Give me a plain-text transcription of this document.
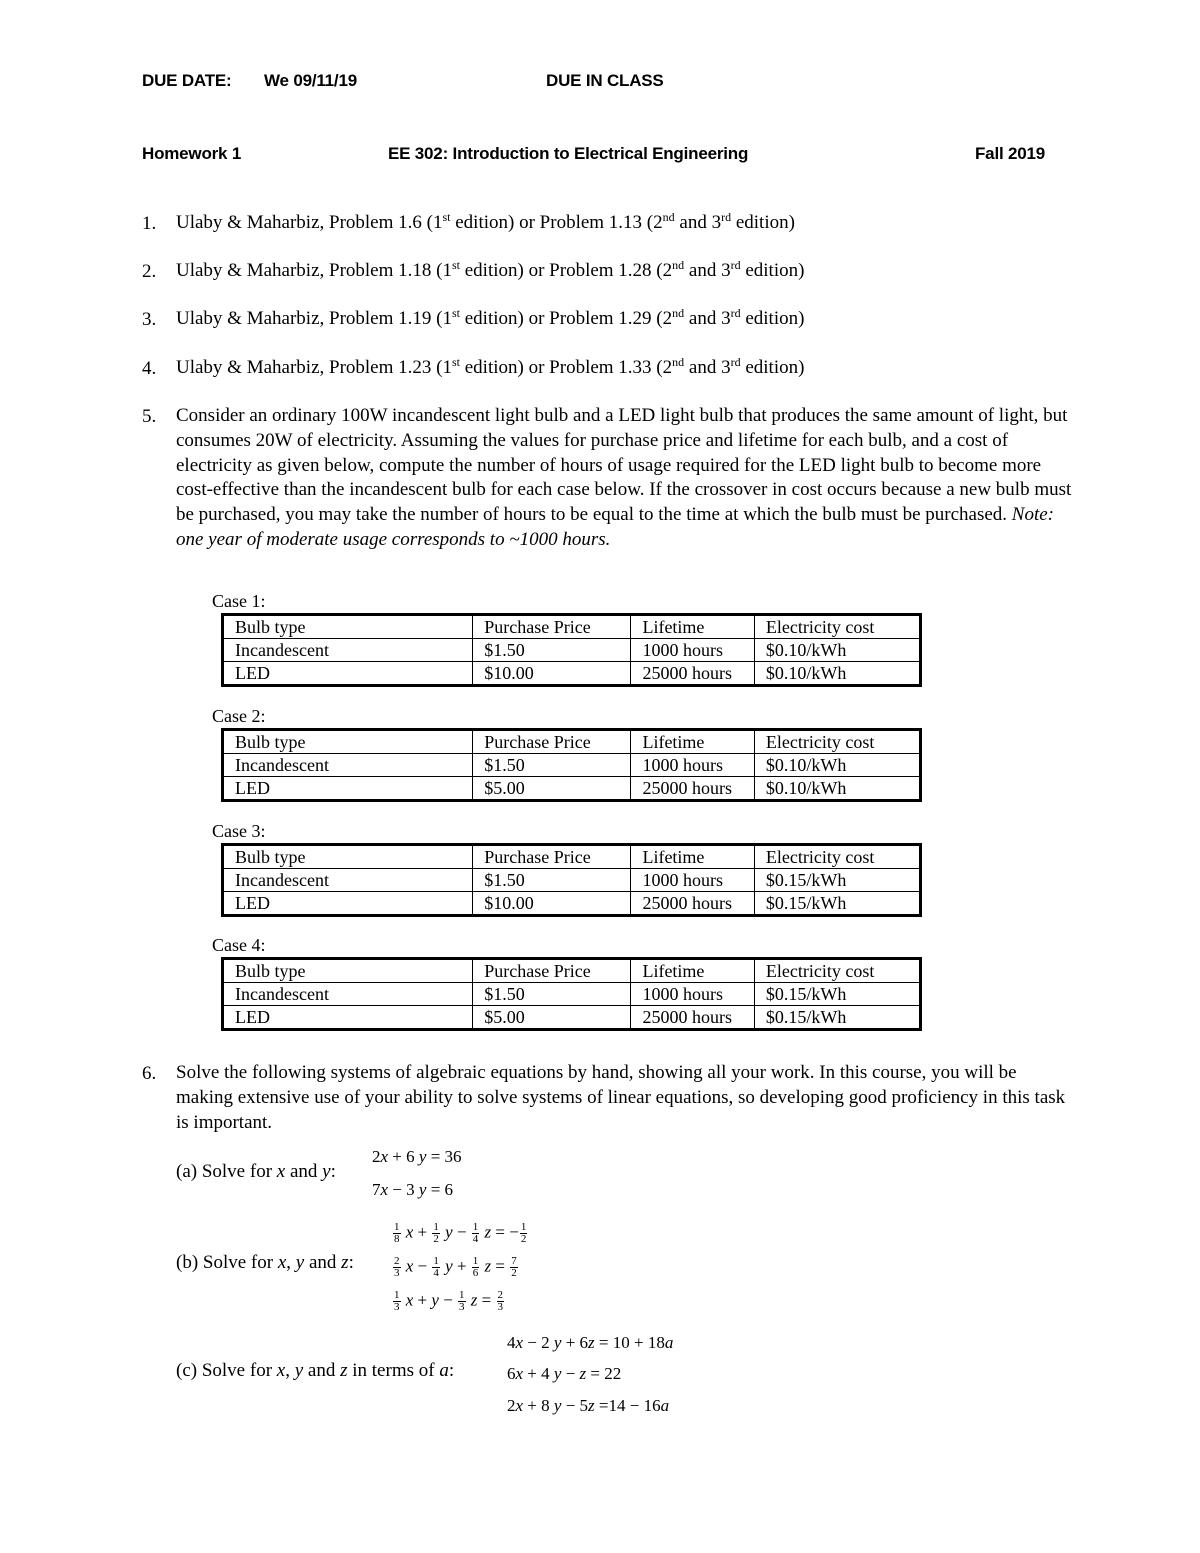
DUE DATE: We 09/11/19	DUE IN CLASS
Homework 1	EE 302: Introduction to Electrical Engineering	Fall 2019
1. Ulaby & Maharbiz, Problem 1.6 (1st edition) or Problem 1.13 (2nd and 3rd edition)
2. Ulaby & Maharbiz, Problem 1.18 (1st edition) or Problem 1.28 (2nd and 3rd edition)
3. Ulaby & Maharbiz, Problem 1.19 (1st edition) or Problem 1.29 (2nd and 3rd edition)
4. Ulaby & Maharbiz, Problem 1.23 (1st edition) or Problem 1.33 (2nd and 3rd edition)
5. Consider an ordinary 100W incandescent light bulb and a LED light bulb that produces the same amount of light, but consumes 20W of electricity. Assuming the values for purchase price and lifetime for each bulb, and a cost of electricity as given below, compute the number of hours of usage required for the LED light bulb to become more cost-effective than the incandescent bulb for each case below. If the crossover in cost occurs because a new bulb must be purchased, you may take the number of hours to be equal to the time at which the bulb must be purchased. Note: one year of moderate usage corresponds to ~1000 hours.
Case 1:
Bulb type	Purchase Price	Lifetime	Electricity cost
Incandescent	$1.50	1000 hours	$0.10/kWh
LED	$10.00	25000 hours	$0.10/kWh
Case 2:
Bulb type	Purchase Price	Lifetime	Electricity cost
Incandescent	$1.50	1000 hours	$0.10/kWh
LED	$5.00	25000 hours	$0.10/kWh
Case 3:
Bulb type	Purchase Price	Lifetime	Electricity cost
Incandescent	$1.50	1000 hours	$0.15/kWh
LED	$10.00	25000 hours	$0.15/kWh
Case 4:
Bulb type	Purchase Price	Lifetime	Electricity cost
Incandescent	$1.50	1000 hours	$0.15/kWh
LED	$5.00	25000 hours	$0.15/kWh
6. Solve the following systems of algebraic equations by hand, showing all your work. In this course, you will be making extensive use of your ability to solve systems of linear equations, so developing good proficiency in this task is important.
(a) Solve for x and y:
2x + 6 y = 36
7x − 3 y = 6
(b) Solve for x, y and z:
$\frac{1}{8}$ $x + \frac{1}{2}$ $y - \frac{1}{4}$ z = − $\frac{1}{2}$
$\frac{2}{3}$ $x - \frac{1}{4}$ $y + \frac{1}{6}$ $z = \frac{7}{2}$
$\frac{1}{3}$ $x + y - \frac{1}{3}$ $z = \frac{2}{3}$
(c) Solve for x, y and z in terms of a:
4x − 2 y + 6z = 10 + 18a
6x + 4 y − z = 22
2x + 8 y − 5z =14 − 16a
